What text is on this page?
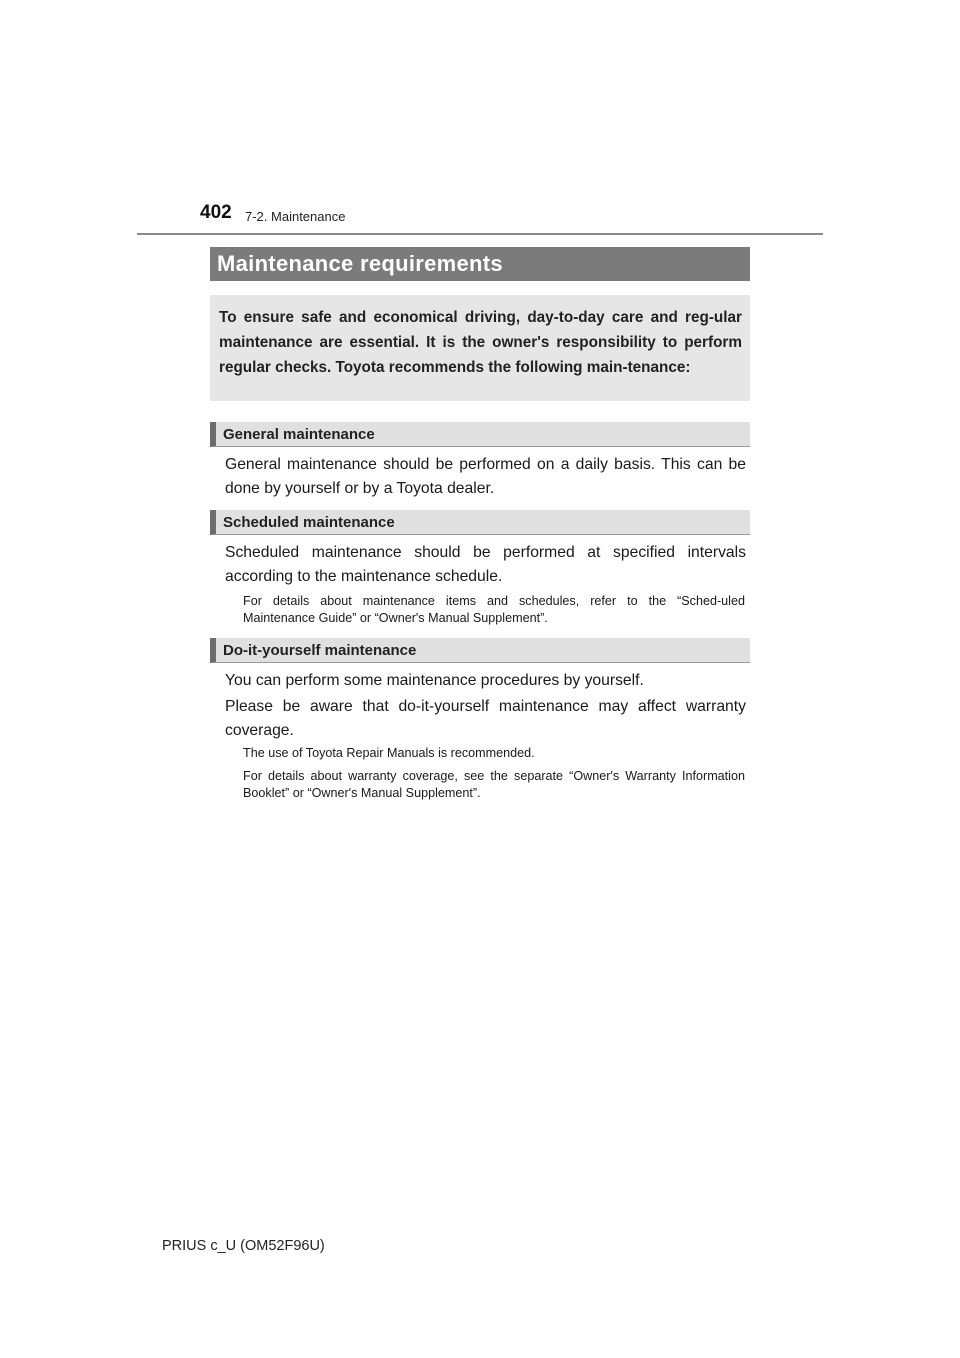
402 7-2. Maintenance
Maintenance requirements

To ensure safe and economical driving, day-to-day care and reg-ular maintenance are essential. It is the owner's responsibility to perform regular checks. Toyota recommends the following main-tenance:

General maintenance

General maintenance should be performed on a daily basis. This can be done by yourself or by a Toyota dealer.

Scheduled maintenance

Scheduled maintenance should be performed at specified intervals according to the maintenance schedule.

For details about maintenance items and schedules, refer to the “Sched-uled Maintenance Guide” or “Owner's Manual Supplement”.

Do-it-yourself maintenance

You can perform some maintenance procedures by yourself.

Please be aware that do-it-yourself maintenance may affect warranty coverage.

The use of Toyota Repair Manuals is recommended.

For details about warranty coverage, see the separate “Owner's Warranty Information Booklet” or “Owner's Manual Supplement”.

PRIUS c_U (OM52F96U)
